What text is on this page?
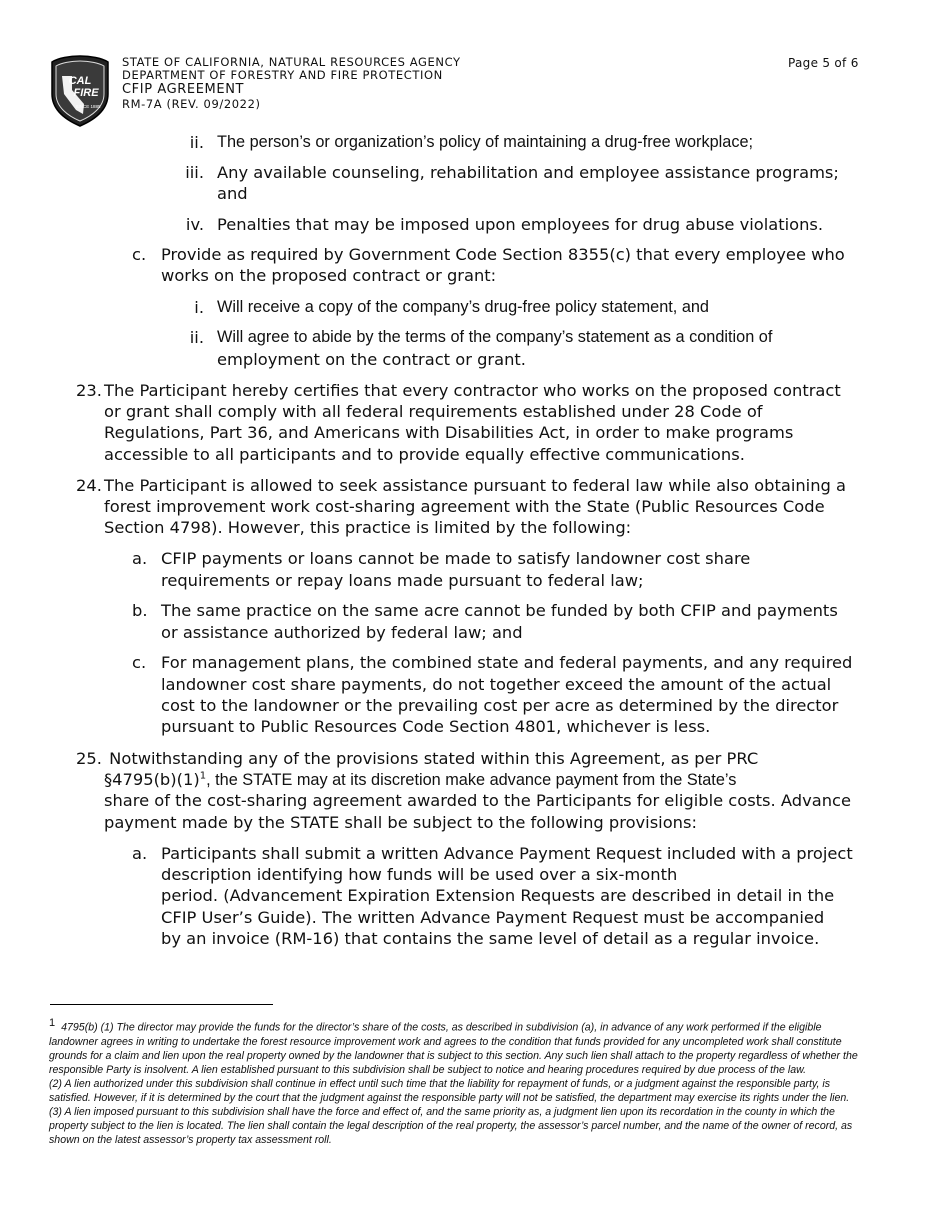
CAL
FIRE
SINCE 1885
STATE OF CALIFORNIA, NATURAL RESOURCES AGENCY
DEPARTMENT OF FORESTRY AND FIRE PROTECTION
CFIP AGREEMENT
RM-7A (REV. 09/2022)
Page 5 of 6
ii. The person’s or organization’s policy of maintaining a drug-free workplace;
iii. Any available counseling, rehabilitation and employee assistance programs;
and
iv. Penalties that may be imposed upon employees for drug abuse violations.
c. Provide as required by Government Code Section 8355(c) that every employee who
works on the proposed contract or grant:
i. Will receive a copy of the company’s drug-free policy statement, and
ii. Will agree to abide by the terms of the company’s statement as a condition of
employment on the contract or grant.
23. The Participant hereby certifies that every contractor who works on the proposed contract
or grant shall comply with all federal requirements established under 28 Code of
Regulations, Part 36, and Americans with Disabilities Act, in order to make programs
accessible to all participants and to provide equally effective communications.
24. The Participant is allowed to seek assistance pursuant to federal law while also obtaining a
forest improvement work cost-sharing agreement with the State (Public Resources Code
Section 4798). However, this practice is limited by the following:
a. CFIP payments or loans cannot be made to satisfy landowner cost share
requirements or repay loans made pursuant to federal law;
b. The same practice on the same acre cannot be funded by both CFIP and payments
or assistance authorized by federal law; and
c. For management plans, the combined state and federal payments, and any required
landowner cost share payments, do not together exceed the amount of the actual
cost to the landowner or the prevailing cost per acre as determined by the director
pursuant to Public Resources Code Section 4801, whichever is less.
25. Notwithstanding any of the provisions stated within this Agreement, as per PRC
$\S 4795(b)(1)^1$, the STATE may at its discretion make advance payment from the State’s
share of the cost-sharing agreement awarded to the Participants for eligible costs. Advance
payment made by the STATE shall be subject to the following provisions:
a. Participants shall submit a written Advance Payment Request included with a project
description identifying how funds will be used over a six-month
period. (Advancement Expiration Extension Requests are described in detail in the
CFIP User’s Guide). The written Advance Payment Request must be accompanied
by an invoice (RM-16) that contains the same level of detail as a regular invoice.

1 4795(b) (1) The director may provide the funds for the director’s share of the costs, as described in subdivision (a), in advance of any work performed if the eligible landowner agrees in writing to undertake the forest resource improvement work and agrees to the condition that funds provided for any uncompleted work shall constitute grounds for a claim and lien upon the real property owned by the landowner that is subject to this section. Any such lien shall attach to the property regardless of whether the responsible Party is insolvent. A lien established pursuant to this subdivision shall be subject to notice and hearing procedures required by due process of the law.

(2) A lien authorized under this subdivision shall continue in effect until such time that the liability for repayment of funds, or a judgment against the responsible party, is satisfied. However, if it is determined by the court that the judgment against the responsible party will not be satisfied, the department may exercise its rights under the lien.

(3) A lien imposed pursuant to this subdivision shall have the force and effect of, and the same priority as, a judgment lien upon its recordation in the county in which the property subject to the lien is located. The lien shall contain the legal description of the real property, the assessor’s parcel number, and the name of the owner of record, as shown on the latest assessor’s property tax assessment roll.
